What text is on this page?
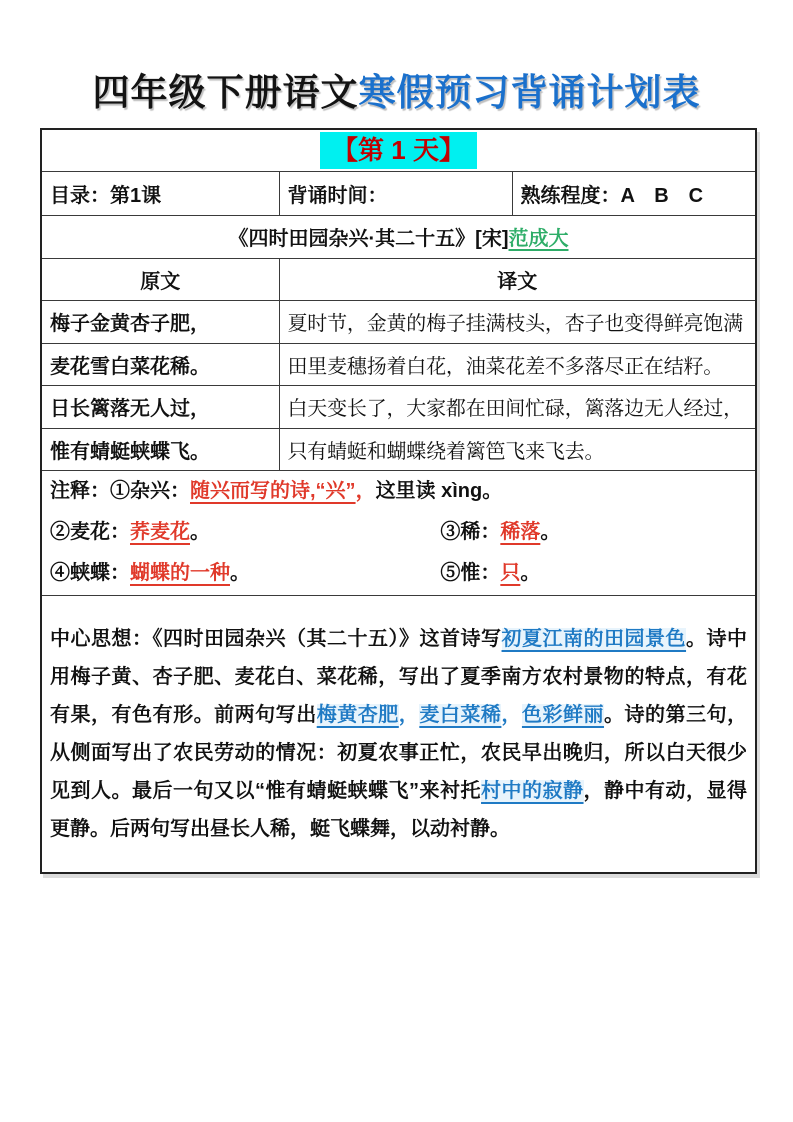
四年级下册语文寒假预习背诵计划表
【第 1 天】		
目录：第1课	背诵时间：	熟练程度：A　B　C
《四时田园杂兴·其二十五》[宋]范成大		
原文	译文	
梅子金黄杏子肥，	夏时节，金黄的梅子挂满枝头，杏子也变得鲜亮饱满	
麦花雪白菜花稀。	田里麦穗扬着白花，油菜花差不多落尽正在结籽。	
日长篱落无人过，	白天变长了，大家都在田间忙碌，篱落边无人经过，	
惟有蜻蜓蛱蝶飞。	只有蜻蜓和蝴蝶绕着篱笆飞来飞去。	

注释：①杂兴：随兴而写的诗,“兴”，这里读 xìng。
②麦花：荞麦花。 ③稀：稀落。
④蛱蝶：蝴蝶的一种。 ⑤惟：只。		

中心思想：《四时田园杂兴（其二十五）》这首诗写初夏江南的田园景色。诗中用梅子黄、杏子肥、麦花白、菜花稀，写出了夏季南方农村景物的特点，有花有果，有色有形。前两句写出梅黄杏肥，麦白菜稀，色彩鲜丽。诗的第三句，从侧面写出了农民劳动的情况：初夏农事正忙，农民早出晚归，所以白天很少见到人。最后一句又以“惟有蜻蜓蛱蝶飞”来衬托村中的寂静，静中有动，显得更静。后两句写出昼长人稀，蜓飞蝶舞，以动衬静。		
